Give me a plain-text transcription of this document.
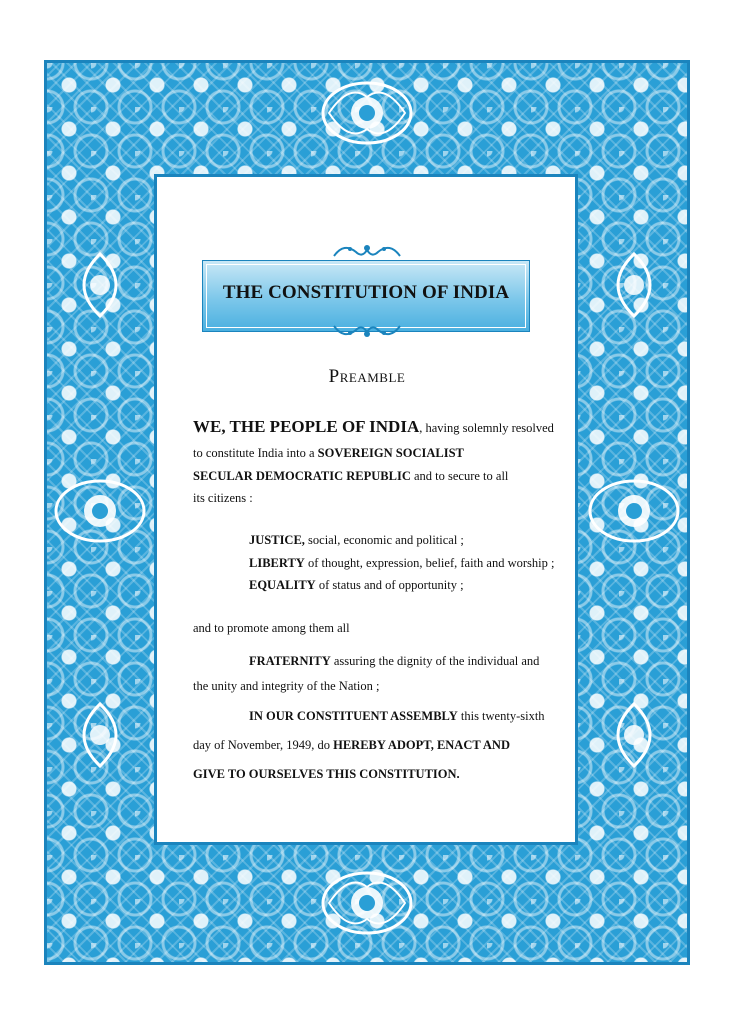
THE CONSTITUTION OF INDIA
Preamble
WE, THE PEOPLE OF INDIA, having solemnly resolved
to constitute India into a SOVEREIGN SOCIALIST
SECULAR DEMOCRATIC REPUBLIC and to secure to all
its citizens :
JUSTICE, social, economic and political ;
LIBERTY of thought, expression, belief, faith and worship ;
EQUALITY of status and of opportunity ;
and to promote among them all
FRATERNITY assuring the dignity of the individual and
the unity and integrity of the Nation ;
IN OUR CONSTITUENT ASSEMBLY this twenty-sixth
day of November, 1949, do HEREBY ADOPT, ENACT AND
GIVE TO OURSELVES THIS CONSTITUTION.
